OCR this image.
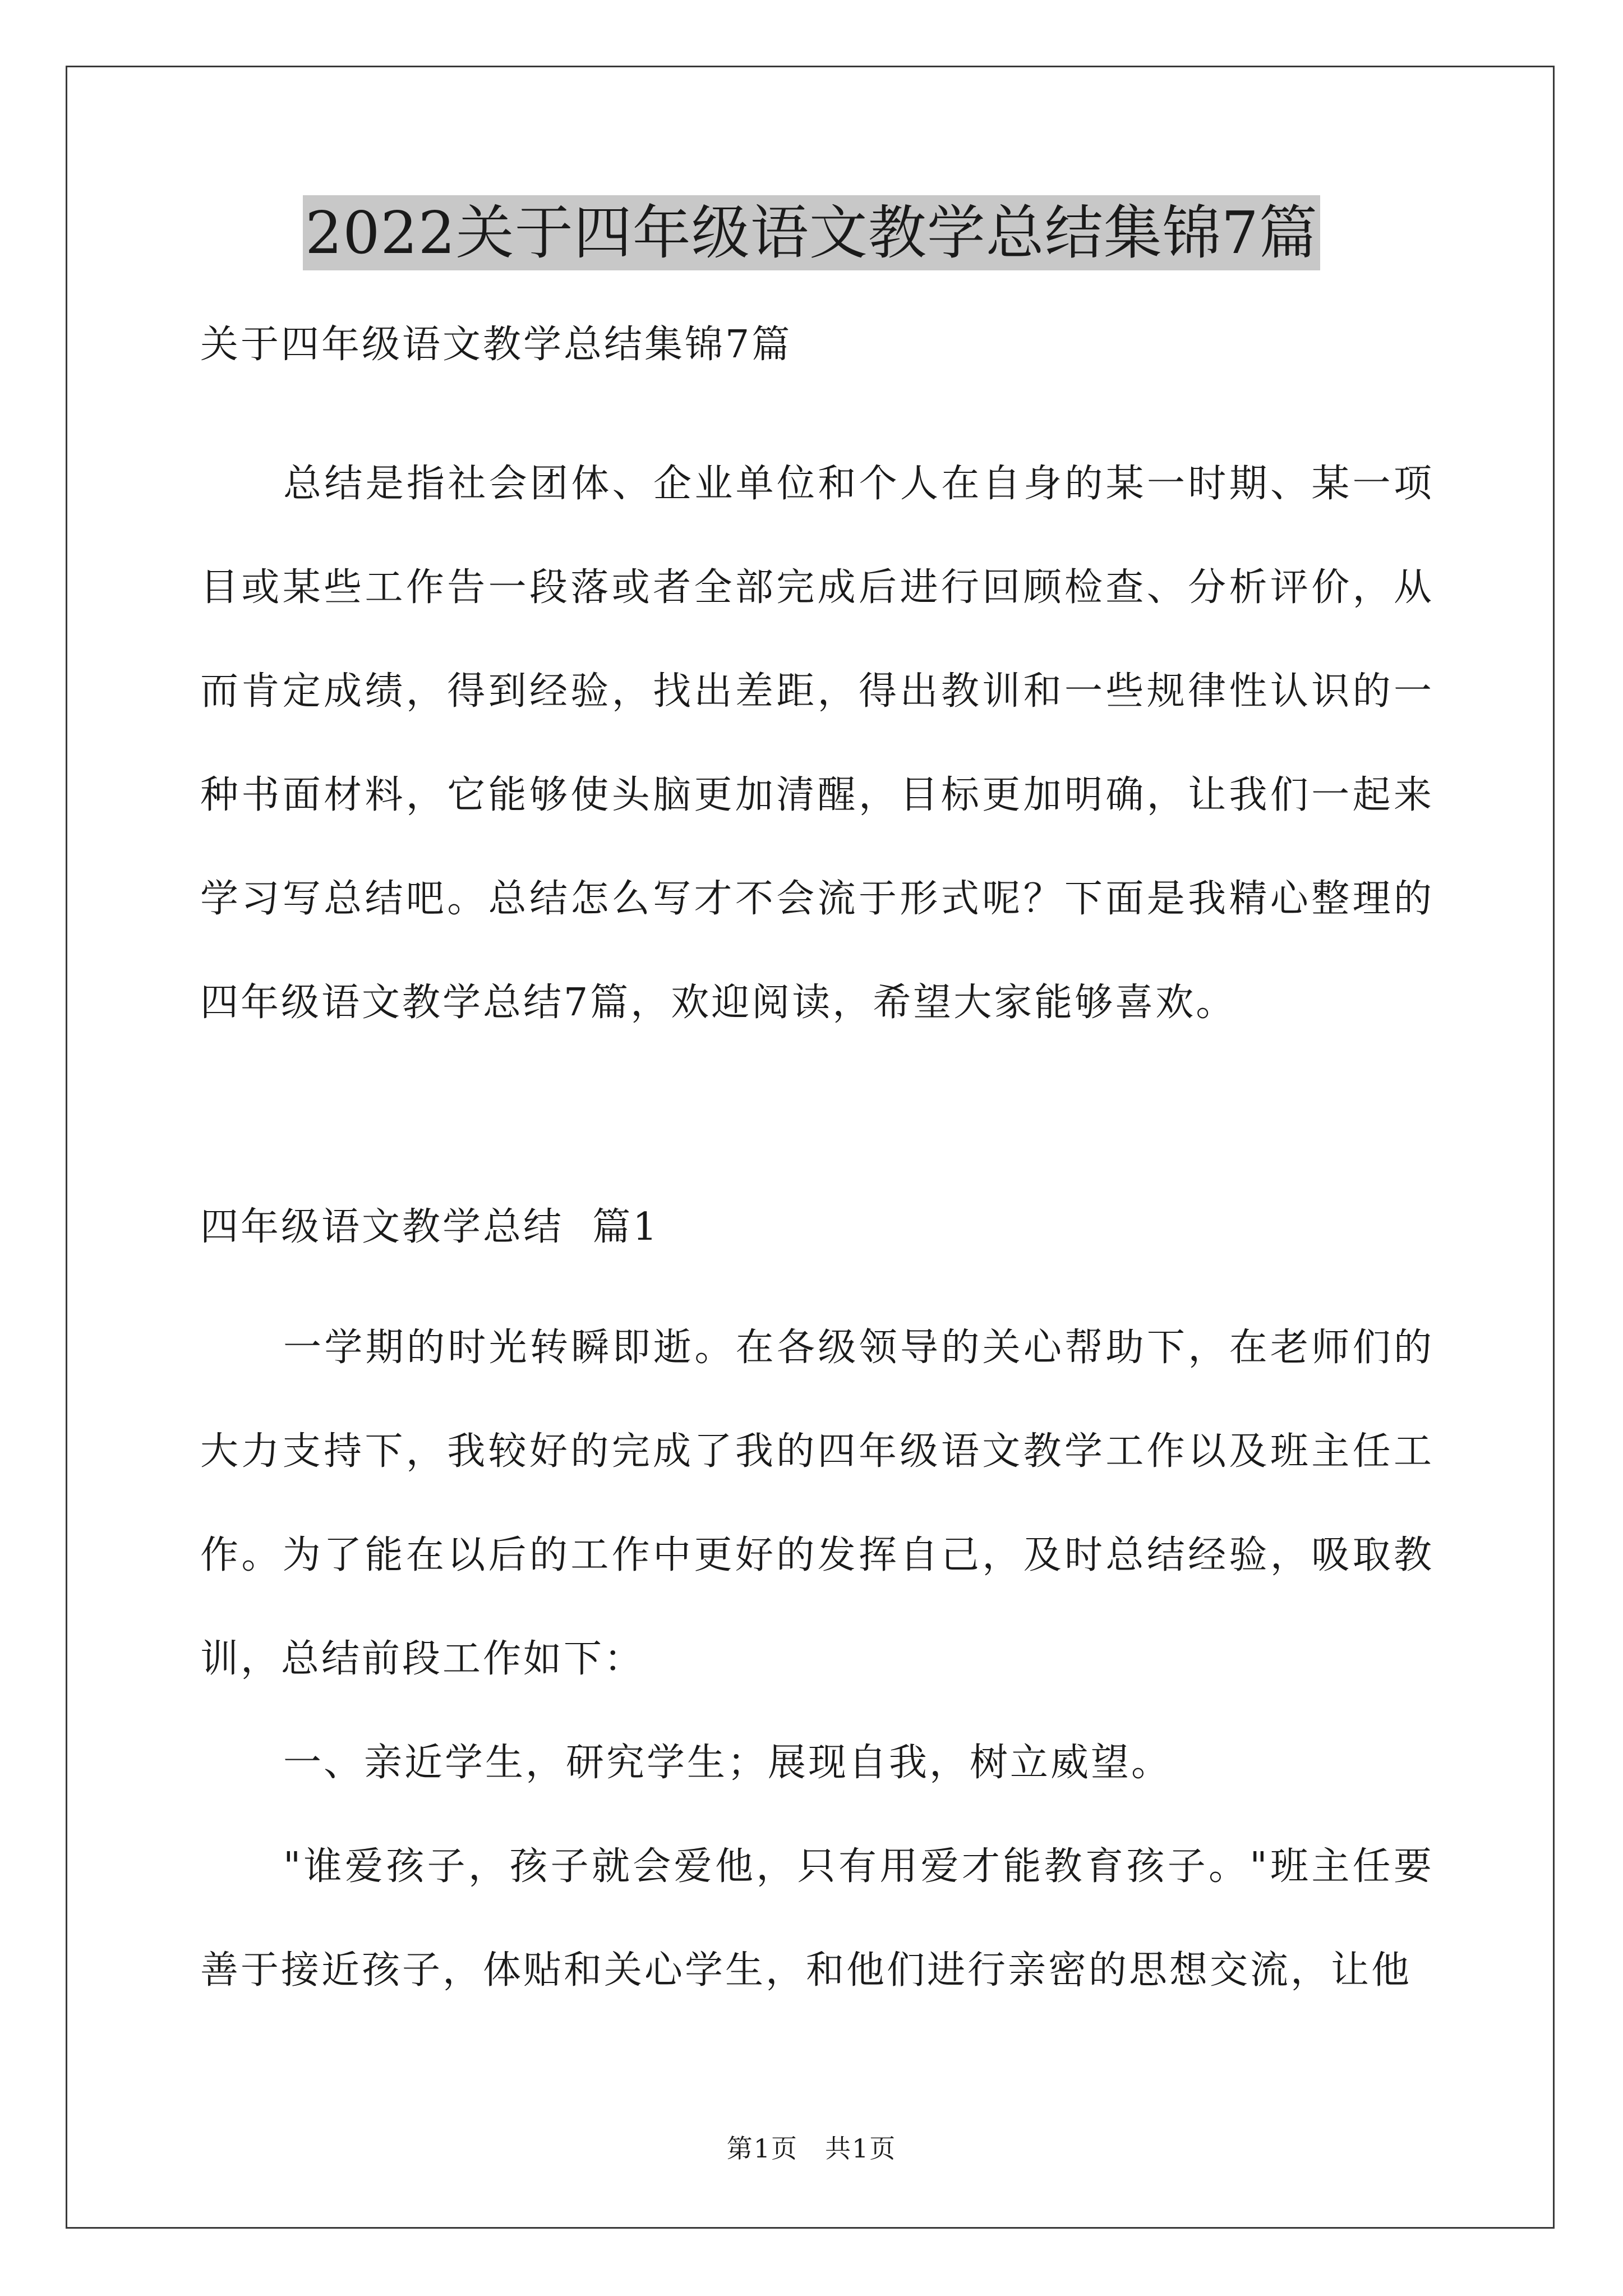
2022关于四年级语文教学总结集锦7篇
关于四年级语文教学总结集锦7篇

总结是指社会团体、企业单位和个人在自身的某一时期、某一项目或某些工作告一段落或者全部完成后进行回顾检查、分析评价，从而肯定成绩，得到经验，找出差距，得出教训和一些规律性认识的一种书面材料，它能够使头脑更加清醒，目标更加明确，让我们一起来学习写总结吧。总结怎么写才不会流于形式呢？下面是我精心整理的四年级语文教学总结7篇，欢迎阅读，希望大家能够喜欢。

四年级语文教学总结  篇1

一学期的时光转瞬即逝。在各级领导的关心帮助下，在老师们的大力支持下，我较好的完成了我的四年级语文教学工作以及班主任工作。为了能在以后的工作中更好的发挥自己，及时总结经验，吸取教训，总结前段工作如下：

一、亲近学生，研究学生；展现自我，树立威望。

"谁爱孩子，孩子就会爱他，只有用爱才能教育孩子。"班主任要善于接近孩子，体贴和关心学生，和他们进行亲密的思想交流，让他

第1页 共1页
